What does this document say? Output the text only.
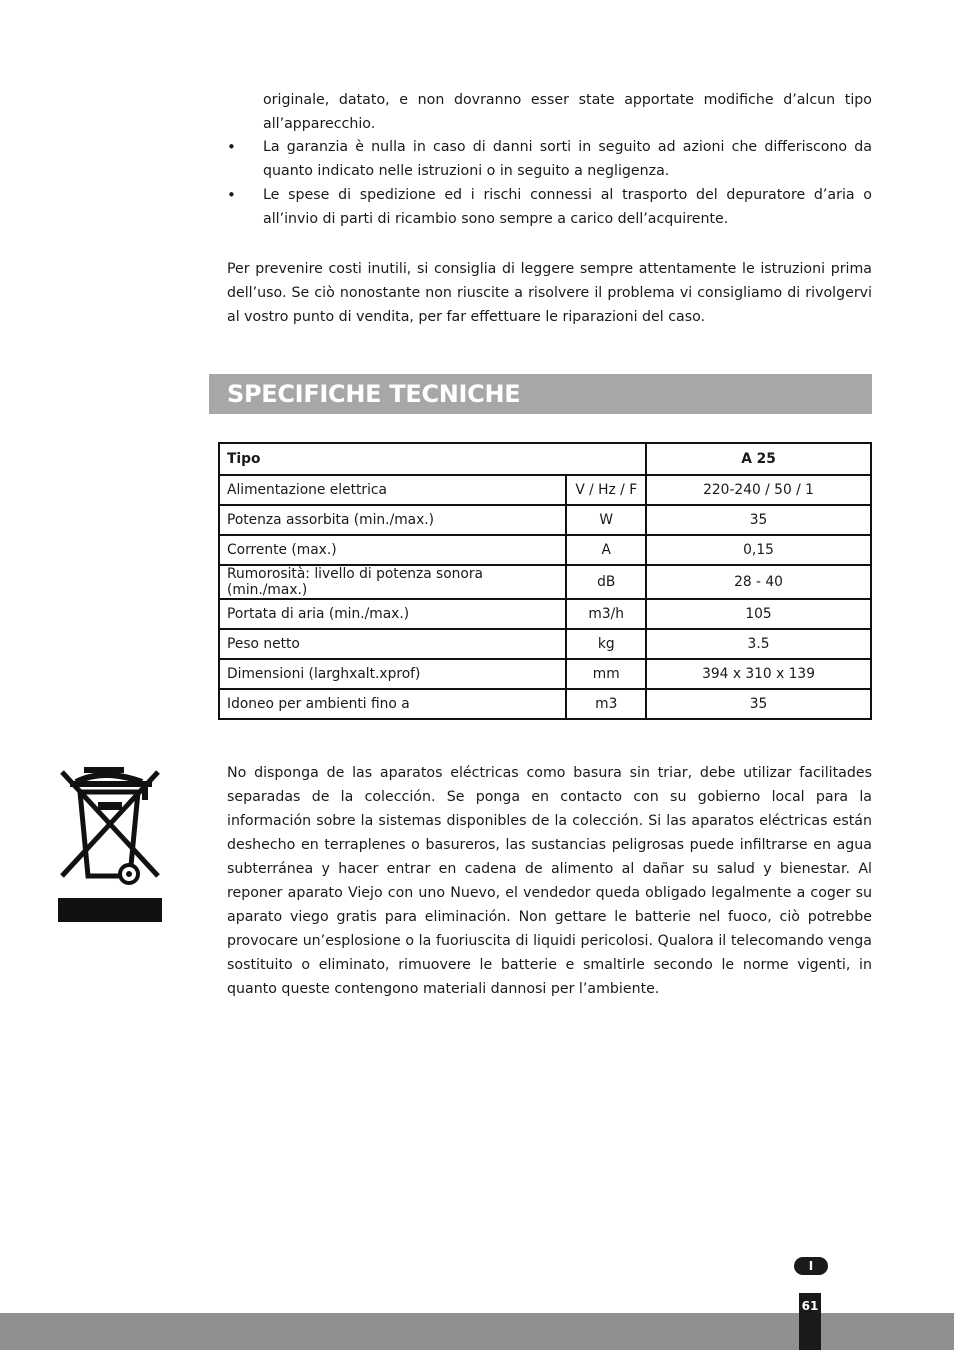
originale, datato, e non dovranno esser state apportate modifiche d’alcun tipo all’apparecchio.
•	La garanzia è nulla in caso di danni sorti in seguito ad azioni che differiscono da quanto indicato nelle istruzioni o in seguito a negligenza.
•	Le spese di spedizione ed i rischi connessi al trasporto del depuratore d’aria o all’invio di parti di ricambio sono sempre a carico dell’acquirente.

Per prevenire costi inutili, si consiglia di leggere sempre attentamente le istruzioni prima dell’uso. Se ciò nonostante non riuscite a risolvere il problema vi consigliamo di rivolgervi al vostro punto di vendita, per far effettuare le riparazioni del caso.

SPECIFICHE TECNICHE
Tipo		A 25
Alimentazione elettrica	V / Hz / F	220-240 / 50 / 1
Potenza assorbita (min./max.)	W	35
Corrente (max.)	A	0,15
Rumorosità: livello di potenza sonora (min./max.)	dB	28 - 40
Portata di aria (min./max.)	m3/h	105
Peso netto	kg	3.5
Dimensioni (larghxalt.xprof)	mm	394 x 310 x 139
Idoneo per ambienti fino a	m3	35

No disponga de las aparatos eléctricas como basura sin triar, debe utilizar facilitades separadas de la colección. Se ponga en contacto con su gobierno local para la información sobre la sistemas disponibles de la colección. Si las aparatos eléctricas están deshecho en terraplenes o basureros, las sustancias peligrosas puede infiltrarse en agua subterránea y hacer entrar en cadena de alimento al dañar su salud y bienestar. Al reponer aparato Viejo con uno Nuevo, el vendedor queda obligado legalmente a coger su aparato viego gratis para eliminación. Non gettare le batterie nel fuoco, ciò potrebbe provocare un’esplosione o la fuoriuscita di liquidi pericolosi. Qualora il telecomando venga sostituito o eliminato, rimuovere le batterie e smaltirle secondo le norme vigenti, in quanto queste contengono materiali dannosi per l’ambiente.

I
61
